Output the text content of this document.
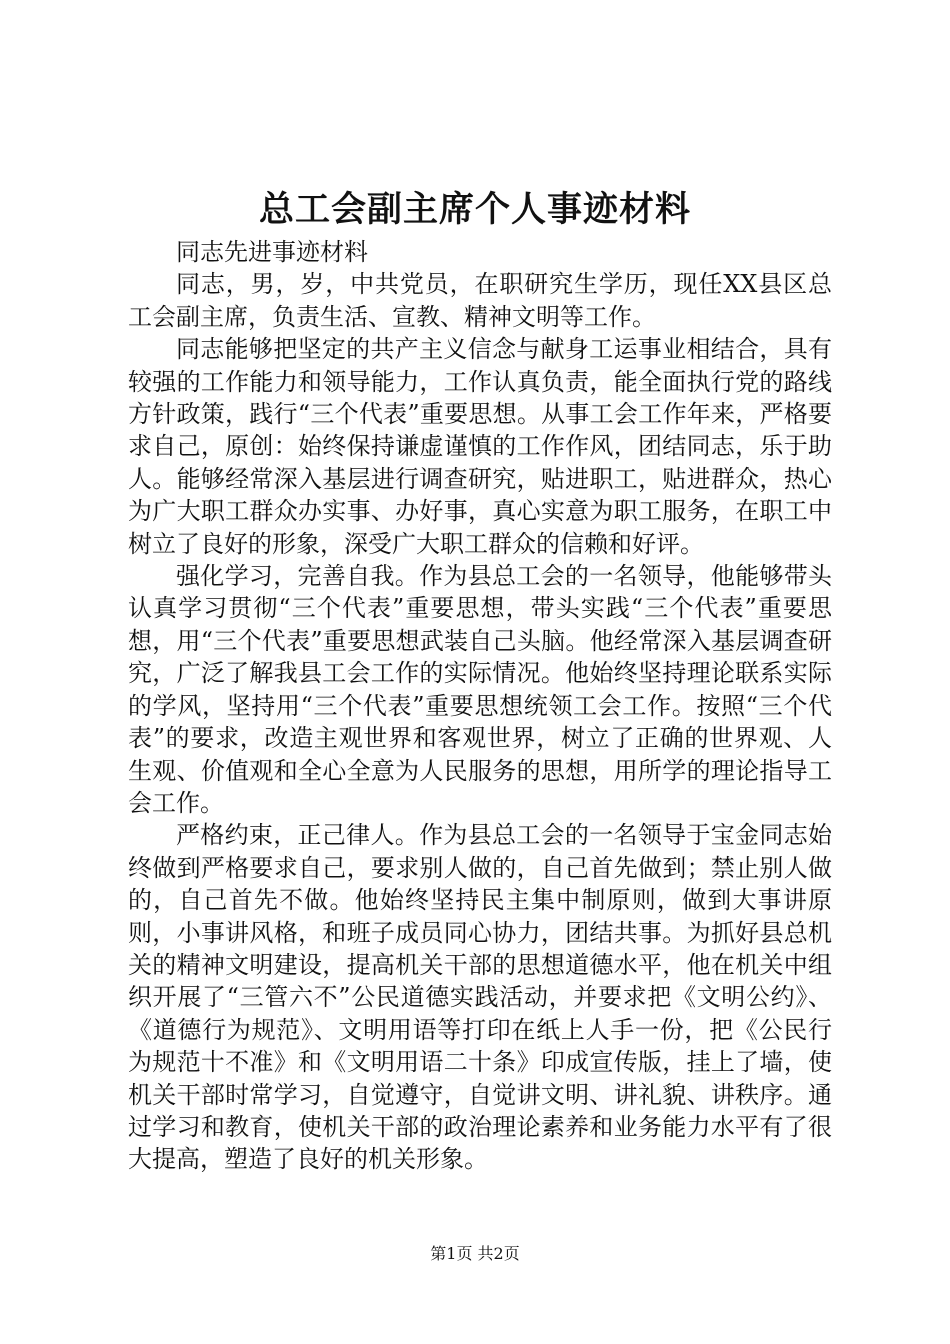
总工会副主席个人事迹材料

同志先进事迹材料

同志，男，岁，中共党员，在职研究生学历，现任XX县区总工会副主席，负责生活、宣教、精神文明等工作。

同志能够把坚定的共产主义信念与献身工运事业相结合，具有较强的工作能力和领导能力，工作认真负责，能全面执行党的路线方针政策，践行“三个代表”重要思想。从事工会工作年来，严格要求自己，原创：始终保持谦虚谨慎的工作作风，团结同志，乐于助人。能够经常深入基层进行调查研究，贴进职工，贴进群众，热心为广大职工群众办实事、办好事，真心实意为职工服务，在职工中树立了良好的形象，深受广大职工群众的信赖和好评。

强化学习，完善自我。作为县总工会的一名领导，他能够带头认真学习贯彻“三个代表”重要思想，带头实践“三个代表”重要思想，用“三个代表”重要思想武装自己头脑。他经常深入基层调查研究，广泛了解我县工会工作的实际情况。他始终坚持理论联系实际的学风，坚持用“三个代表”重要思想统领工会工作。按照“三个代表”的要求，改造主观世界和客观世界，树立了正确的世界观、人生观、价值观和全心全意为人民服务的思想，用所学的理论指导工会工作。

严格约束，正己律人。作为县总工会的一名领导于宝金同志始终做到严格要求自己，要求别人做的，自己首先做到；禁止别人做的，自己首先不做。他始终坚持民主集中制原则，做到大事讲原则，小事讲风格，和班子成员同心协力，团结共事。为抓好县总机关的精神文明建设，提高机关干部的思想道德水平，他在机关中组织开展了“三管六不”公民道德实践活动，并要求把《文明公约》、《道德行为规范》、文明用语等打印在纸上人手一份，把《公民行为规范十不准》和《文明用语二十条》印成宣传版，挂上了墙，使机关干部时常学习，自觉遵守，自觉讲文明、讲礼貌、讲秩序。通过学习和教育，使机关干部的政治理论素养和业务能力水平有了很大提高，塑造了良好的机关形象。

第1页 共2页
